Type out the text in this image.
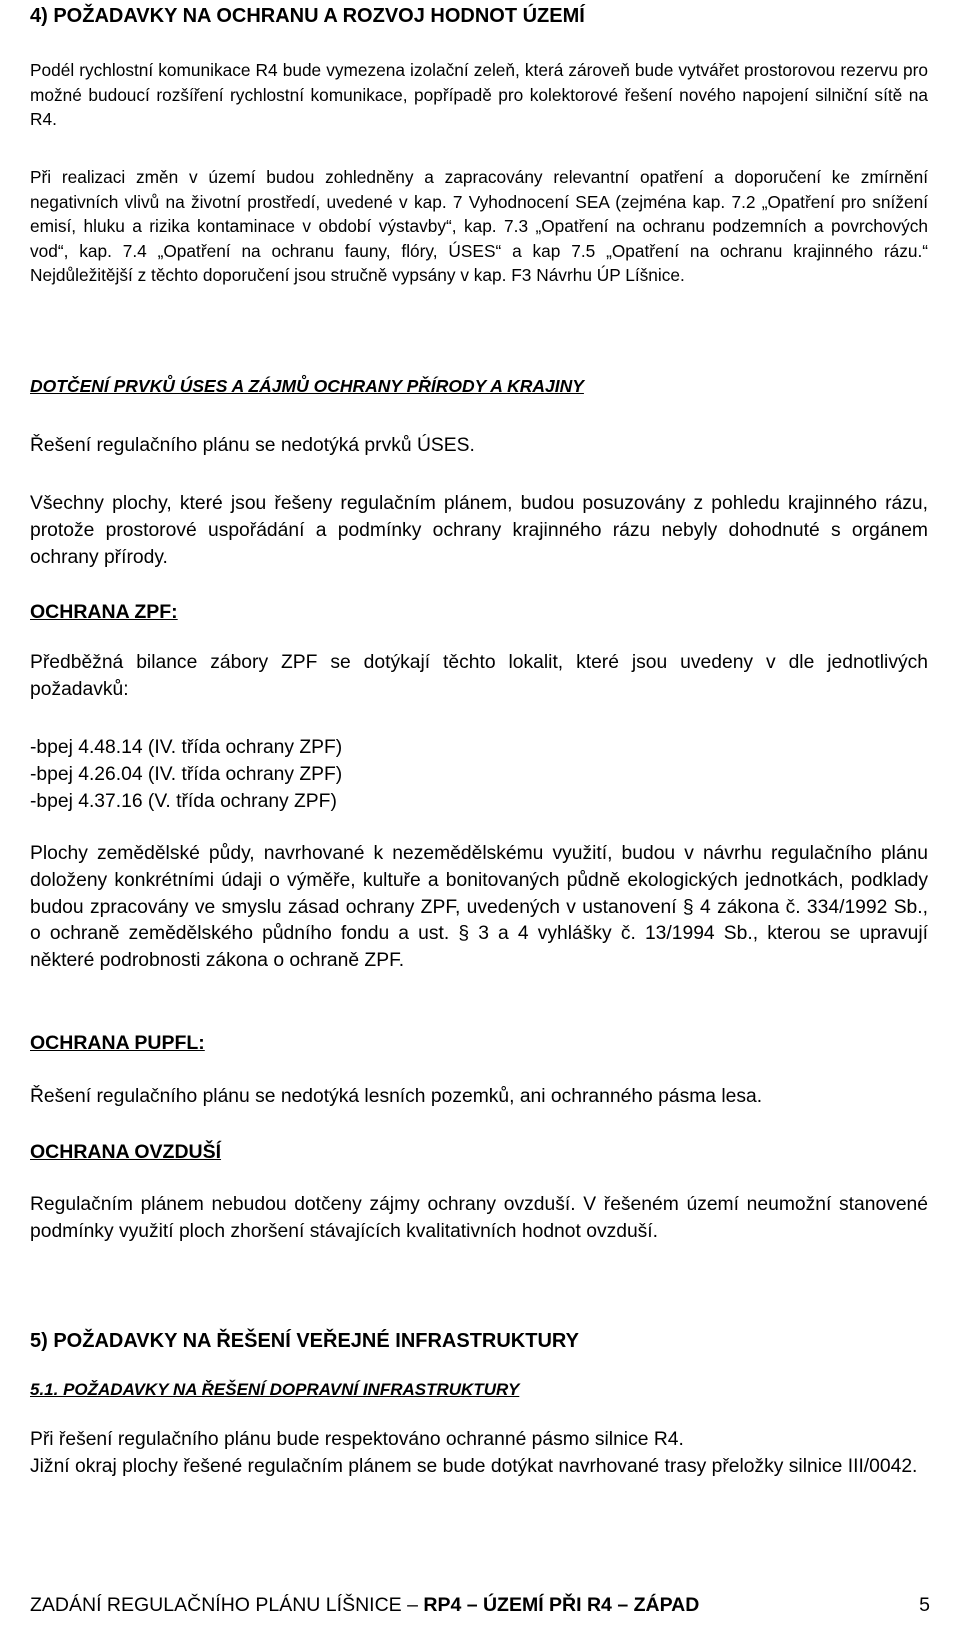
4) POŽADAVKY NA OCHRANU A ROZVOJ HODNOT ÚZEMÍ

Podél rychlostní komunikace R4 bude vymezena izolační zeleň, která zároveň bude vytvářet prostorovou rezervu pro možné budoucí rozšíření rychlostní komunikace, popřípadě pro kolektorové řešení nového napojení silniční sítě na R4.

Při realizaci změn v území budou zohledněny a zapracovány relevantní opatření a doporučení ke zmírnění negativních vlivů na životní prostředí, uvedené v kap. 7 Vyhodnocení SEA (zejména kap. 7.2 „Opatření pro snížení emisí, hluku a rizika kontaminace v období výstavby“, kap. 7.3 „Opatření na ochranu podzemních a povrchových vod“, kap. 7.4 „Opatření na ochranu fauny, flóry, ÚSES“ a kap 7.5 „Opatření na ochranu krajinného rázu.“ Nejdůležitější z těchto doporučení jsou stručně vypsány v kap. F3 Návrhu ÚP Líšnice.

DOTČENÍ PRVKŮ ÚSES A ZÁJMŮ OCHRANY PŘÍRODY A KRAJINY

Řešení regulačního plánu se nedotýká prvků ÚSES.

Všechny plochy, které jsou řešeny regulačním plánem, budou posuzovány z pohledu krajinného rázu, protože prostorové uspořádání a podmínky ochrany krajinného rázu nebyly dohodnuté s orgánem ochrany přírody.

OCHRANA ZPF:

Předběžná bilance zábory ZPF se dotýkají těchto lokalit, které jsou uvedeny v dle jednotlivých požadavků:

-bpej 4.48.14 (IV. třída ochrany ZPF)
-bpej 4.26.04 (IV. třída ochrany ZPF)
-bpej 4.37.16 (V. třída ochrany ZPF)

Plochy zemědělské půdy, navrhované k nezemědělskému využití, budou v návrhu regulačního plánu doloženy konkrétními údaji o výměře, kultuře a bonitovaných půdně ekologických jednotkách, podklady budou zpracovány ve smyslu zásad ochrany ZPF, uvedených v ustanovení § 4 zákona č. 334/1992 Sb., o ochraně zemědělského půdního fondu a ust. § 3 a 4 vyhlášky č. 13/1994 Sb., kterou se upravují některé podrobnosti zákona o ochraně ZPF.

OCHRANA PUPFL:

Řešení regulačního plánu se nedotýká lesních pozemků, ani ochranného pásma lesa.

OCHRANA OVZDUŠÍ

Regulačním plánem nebudou dotčeny zájmy ochrany ovzduší. V řešeném území neumožní stanovené podmínky využití ploch zhoršení stávajících kvalitativních hodnot ovzduší.

5) POŽADAVKY NA ŘEŠENÍ VEŘEJNÉ INFRASTRUKTURY
5.1. POŽADAVKY NA ŘEŠENÍ DOPRAVNÍ INFRASTRUKTURY
Při řešení regulačního plánu bude respektováno ochranné pásmo silnice R4.
Jižní okraj plochy řešené regulačním plánem se bude dotýkat navrhované trasy přeložky silnice III/0042.
ZADÁNÍ REGULAČNÍHO PLÁNU LÍŠNICE – RP4 – ÚZEMÍ PŘI R4 – ZÁPAD	5
